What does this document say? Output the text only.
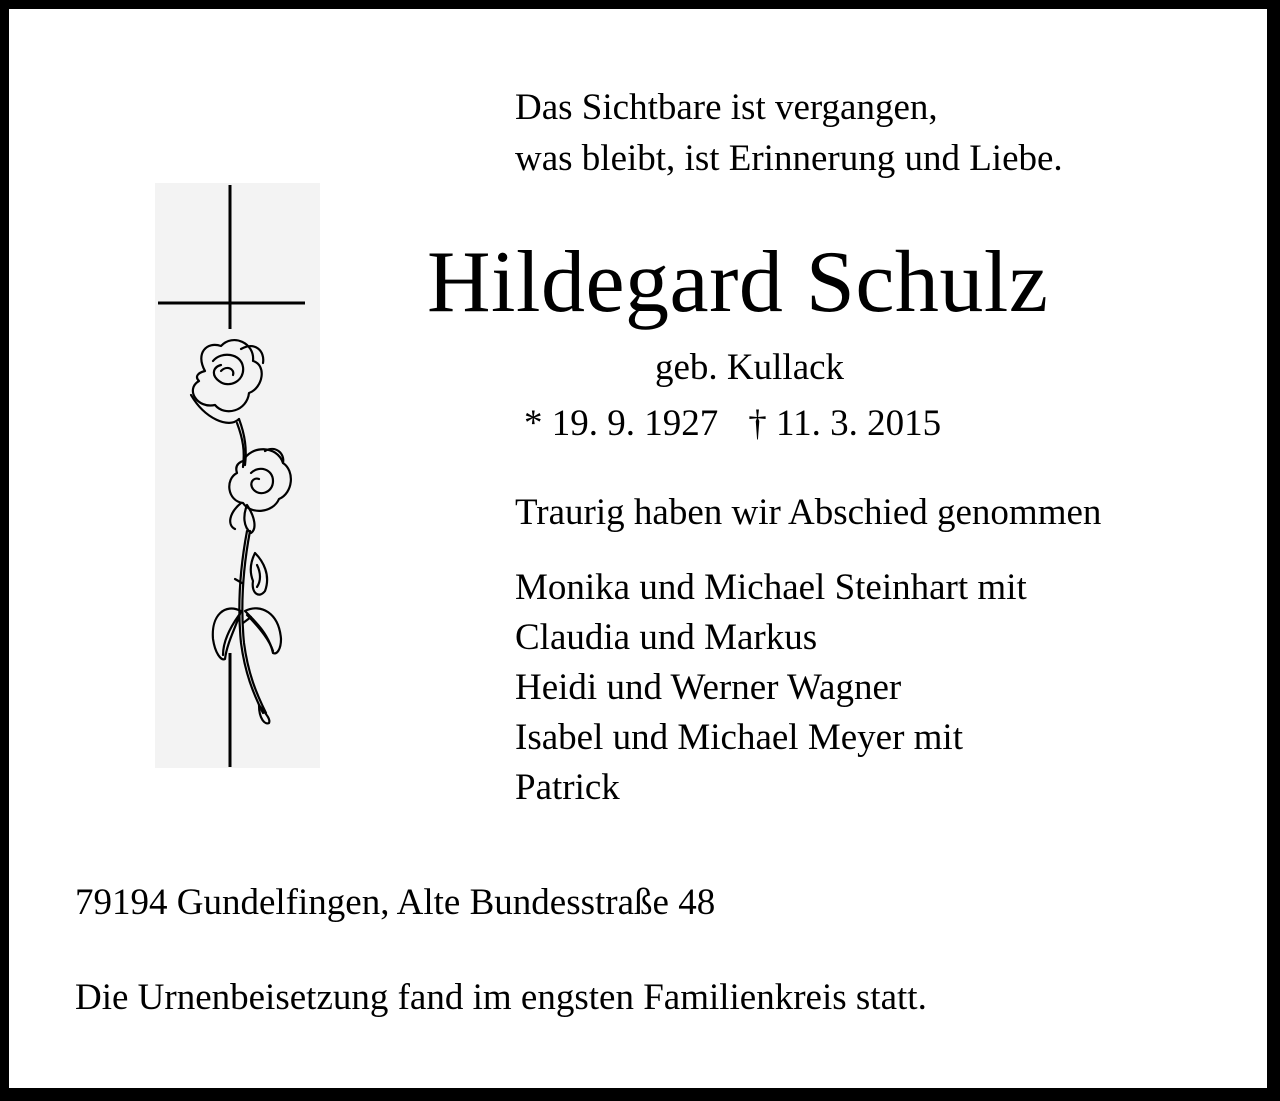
Das Sichtbare ist vergangen,
was bleibt, ist Erinnerung und Liebe.
Hildegard Schulz
geb. Kullack
* 19. 9. 1927 † 11. 3. 2015
Traurig haben wir Abschied genommen
Monika und Michael Steinhart mit
Claudia und Markus
Heidi und Werner Wagner
Isabel und Michael Meyer mit
Patrick
79194 Gundelfingen, Alte Bundesstraße 48
Die Urnenbeisetzung fand im engsten Familienkreis statt.
